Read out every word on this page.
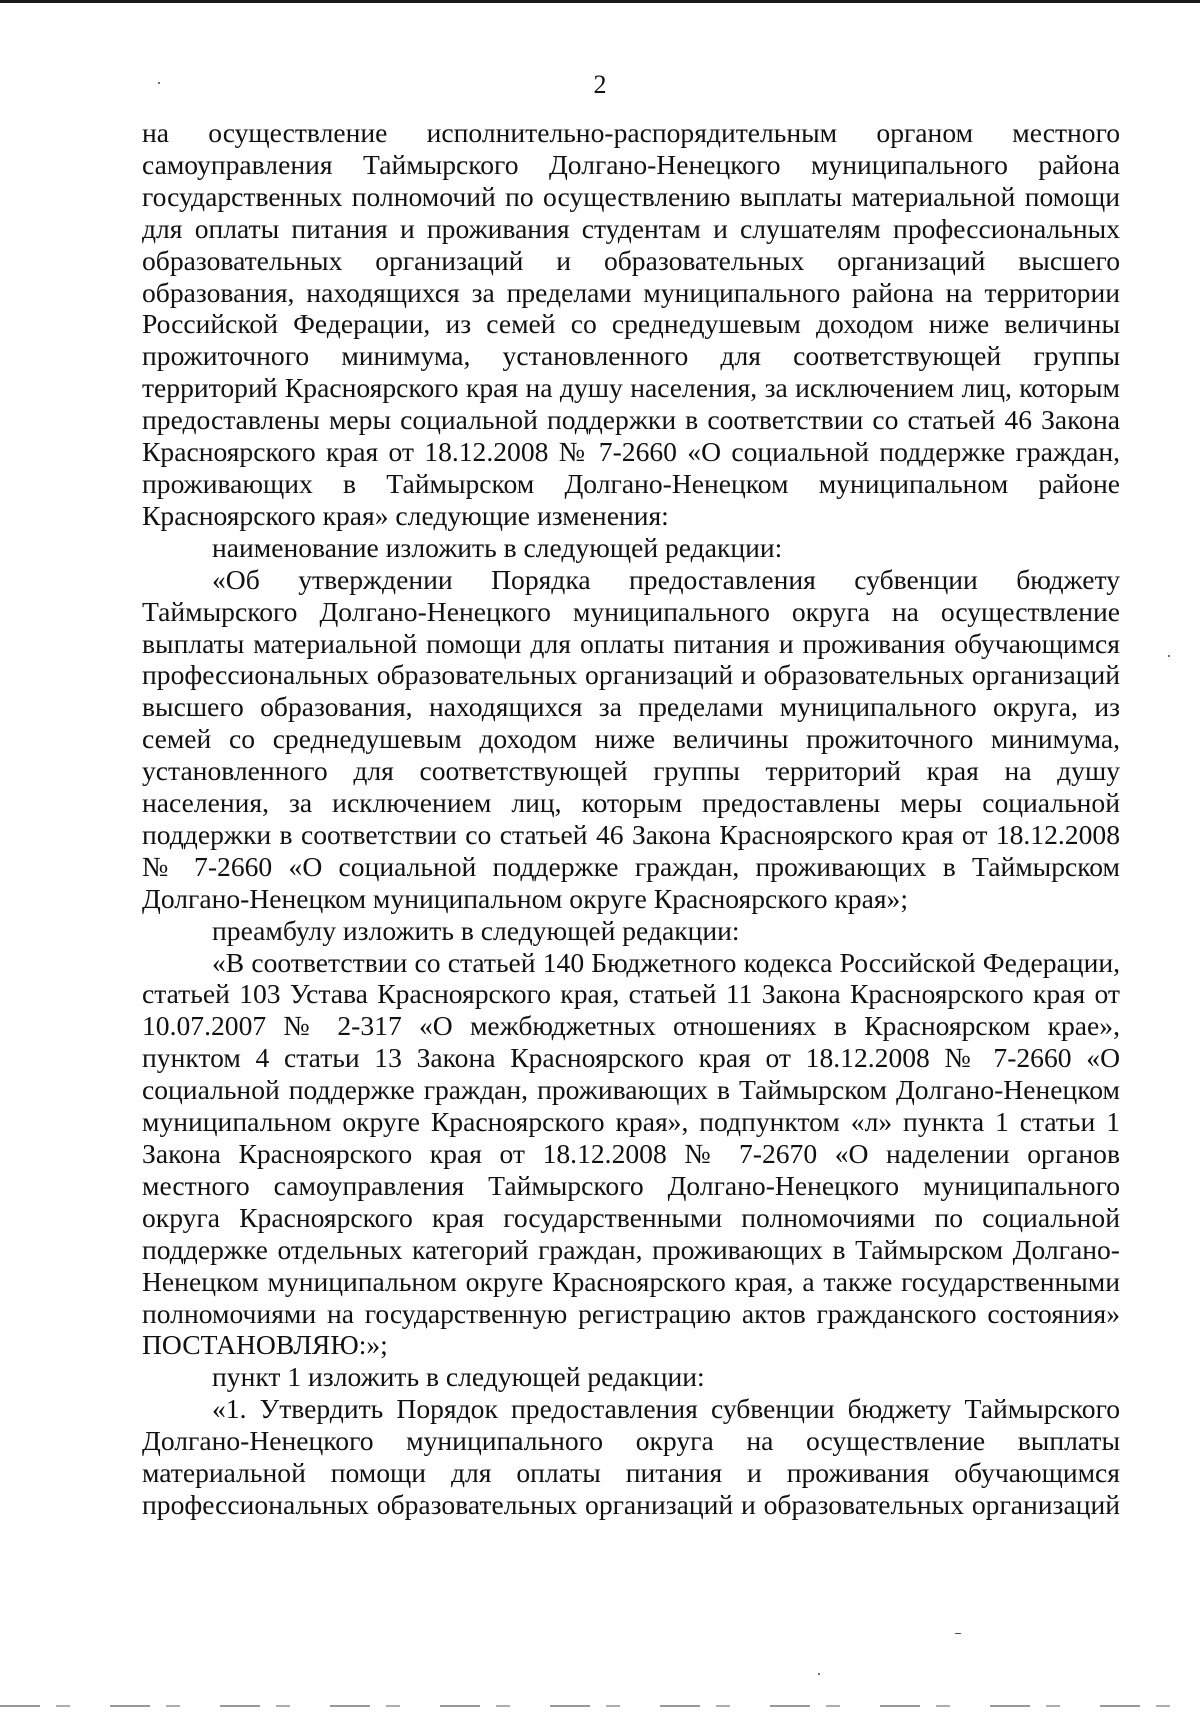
2

на осуществление исполнительно-распорядительным органом местного самоуправления Таймырского Долгано-Ненецкого муниципального района государственных полномочий по осуществлению выплаты материальной помощи для оплаты питания и проживания студентам и слушателям профессиональных образовательных организаций и образовательных организаций высшего образования, находящихся за пределами муниципального района на территории Российской Федерации, из семей со среднедушевым доходом ниже величины прожиточного минимума, установленного для соответствующей группы территорий Красноярского края на душу населения, за исключением лиц, которым предоставлены меры социальной поддержки в соответствии со статьей 46 Закона Красноярского края от 18.12.2008 № 7-2660 «О социальной поддержке граждан, проживающих в Таймырском Долгано-Ненецком муниципальном районе Красноярского края» следующие изменения:

наименование изложить в следующей редакции:

«Об утверждении Порядка предоставления субвенции бюджету Таймырского Долгано-Ненецкого муниципального округа на осуществление выплаты материальной помощи для оплаты питания и проживания обучающимся профессиональных образовательных организаций и образовательных организаций высшего образования, находящихся за пределами муниципального округа, из семей со среднедушевым доходом ниже величины прожиточного минимума, установленного для соответствующей группы территорий края на душу населения, за исключением лиц, которым предоставлены меры социальной поддержки в соответствии со статьей 46 Закона Красноярского края от 18.12.2008 № 7-2660 «О социальной поддержке граждан, проживающих в Таймырском Долгано-Ненецком муниципальном округе Красноярского края»;

преамбулу изложить в следующей редакции:

«В соответствии со статьей 140 Бюджетного кодекса Российской Федерации, статьей 103 Устава Красноярского края, статьей 11 Закона Красноярского края от 10.07.2007 № 2-317 «О межбюджетных отношениях в Красноярском крае», пунктом 4 статьи 13 Закона Красноярского края от 18.12.2008 № 7-2660 «О социальной поддержке граждан, проживающих в Таймырском Долгано-Ненецком муниципальном округе Красноярского края», подпунктом «л» пункта 1 статьи 1 Закона Красноярского края от 18.12.2008 № 7-2670 «О наделении органов местного самоуправления Таймырского Долгано-Ненецкого муниципального округа Красноярского края государственными полномочиями по социальной поддержке отдельных категорий граждан, проживающих в Таймырском Долгано-Ненецком муниципальном округе Красноярского края, а также государственными полномочиями на государственную регистрацию актов гражданского состояния» ПОСТАНОВЛЯЮ:»;

пункт 1 изложить в следующей редакции:

«1. Утвердить Порядок предоставления субвенции бюджету Таймырского Долгано-Ненецкого муниципального округа на осуществление выплаты материальной помощи для оплаты питания и проживания обучающимся профессиональных образовательных организаций и образовательных организаций
